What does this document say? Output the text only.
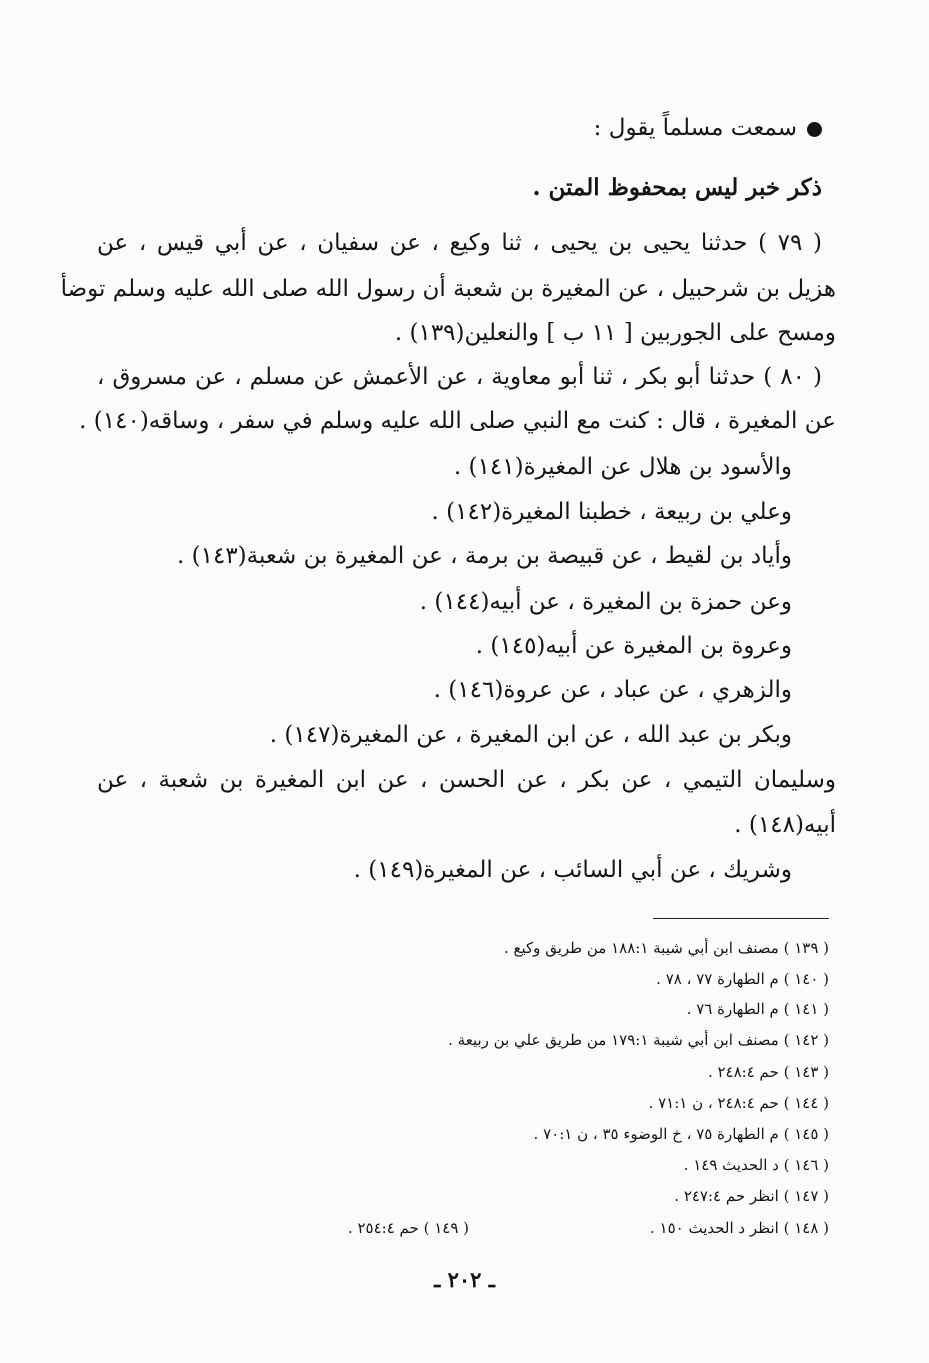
سمعت مسلماً يقول :

ذكر خبر ليس بمحفوظ المتن .

( ٧٩ ) حدثنا يحيى بن يحيى ، ثنا وكيع ، عن سفيان ، عن أبي قيس ، عن

هزيل بن شرحبيل ، عن المغيرة بن شعبة أن رسول الله صلى الله عليه وسلم توضأ

ومسح على الجوربين [ ١١ ب ] والنعلين(١٣٩) .

( ٨٠ ) حدثنا أبو بكر ، ثنا أبو معاوية ، عن الأعمش عن مسلم ، عن مسروق ،

عن المغيرة ، قال : كنت مع النبي صلى الله عليه وسلم في سفر ، وساقه(١٤٠) .

والأسود بن هلال عن المغيرة(١٤١) .

وعلي بن ربيعة ، خطبنا المغيرة(١٤٢) .

وأياد بن لقيط ، عن قبيصة بن برمة ، عن المغيرة بن شعبة(١٤٣) .

وعن حمزة بن المغيرة ، عن أبيه(١٤٤) .

وعروة بن المغيرة عن أبيه(١٤٥) .

والزهري ، عن عباد ، عن عروة(١٤٦) .

وبكر بن عبد الله ، عن ابن المغيرة ، عن المغيرة(١٤٧) .

وسليمان التيمي ، عن بكر ، عن الحسن ، عن ابن المغيرة بن شعبة ، عن

أبيه(١٤٨) .

وشريك ، عن أبي السائب ، عن المغيرة(١٤٩) .

( ١٣٩ ) مصنف ابن أبي شيبة ١٨٨:١ من طريق وكيع .
( ١٤٠ ) م الطهارة ٧٧ ، ٧٨ .
( ١٤١ ) م الطهارة ٧٦ .
( ١٤٢ ) مصنف ابن أبي شيبة ١٧٩:١ من طريق علي بن ربيعة .
( ١٤٣ ) حم ٢٤٨:٤ .
( ١٤٤ ) حم ٢٤٨:٤ ، ن ٧١:١ .
( ١٤٥ ) م الطهارة ٧٥ ، خ الوضوء ٣٥ ، ن ٧٠:١ .
( ١٤٦ ) د الحديث ١٤٩ .
( ١٤٧ ) انظر حم ٢٤٧:٤ .
( ١٤٨ ) انظر د الحديث ١٥٠ .
( ١٤٩ ) حم ٢٥٤:٤ .
ـ ٢٠٢ ـ
